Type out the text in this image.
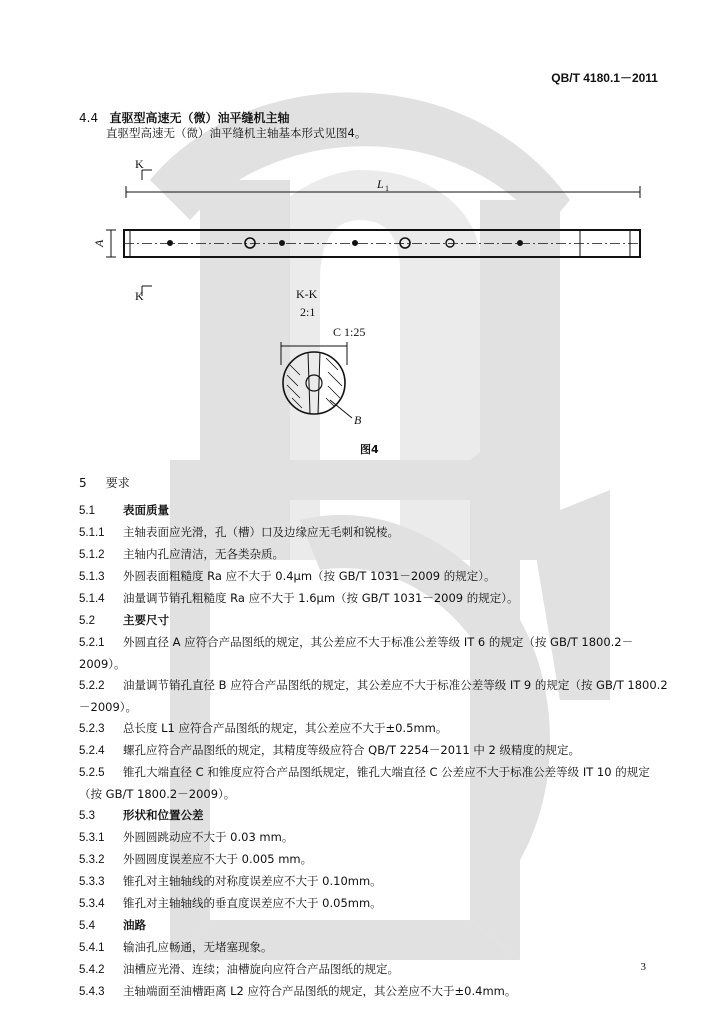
QB/T 4180.1－2011
4.4 直驱型高速无（微）油平缝机主轴
直驱型高速无（微）油平缝机主轴基本形式见图4。
K
K
L 1
A
K-K
2:1
C 1:25
B
图4
5 要求
5.1 表面质量
5.1.1 主轴表面应光滑，孔（槽）口及边缘应无毛刺和锐棱。
5.1.2 主轴内孔应清洁，无各类杂质。
5.1.3 外圆表面粗糙度 Ra 应不大于 0.4μm（按 GB/T 1031－2009 的规定）。
5.1.4 油量调节销孔粗糙度 Ra 应不大于 1.6μm（按 GB/T 1031－2009 的规定）。
5.2 主要尺寸
5.2.1 外圆直径 A 应符合产品图纸的规定，其公差应不大于标准公差等级 IT 6 的规定（按 GB/T 1800.2－2009）。
5.2.2 油量调节销孔直径 B 应符合产品图纸的规定，其公差应不大于标准公差等级 IT 9 的规定（按 GB/T 1800.2－2009）。
5.2.3 总长度 L1 应符合产品图纸的规定，其公差应不大于±0.5mm。
5.2.4 螺孔应符合产品图纸的规定，其精度等级应符合 QB/T 2254－2011 中 2 级精度的规定。
5.2.5 锥孔大端直径 C 和锥度应符合产品图纸规定，锥孔大端直径 C 公差应不大于标准公差等级 IT 10 的规定（按 GB/T 1800.2－2009）。
5.3 形状和位置公差
5.3.1 外圆圆跳动应不大于 0.03 mm。
5.3.2 外圆圆度误差应不大于 0.005 mm。
5.3.3 锥孔对主轴轴线的对称度误差应不大于 0.10mm。
5.3.4 锥孔对主轴轴线的垂直度误差应不大于 0.05mm。
5.4 油路
5.4.1 输油孔应畅通，无堵塞现象。
5.4.2 油槽应光滑、连续；油槽旋向应符合产品图纸的规定。
5.4.3 主轴端面至油槽距离 L2 应符合产品图纸的规定，其公差应不大于±0.4mm。
3
